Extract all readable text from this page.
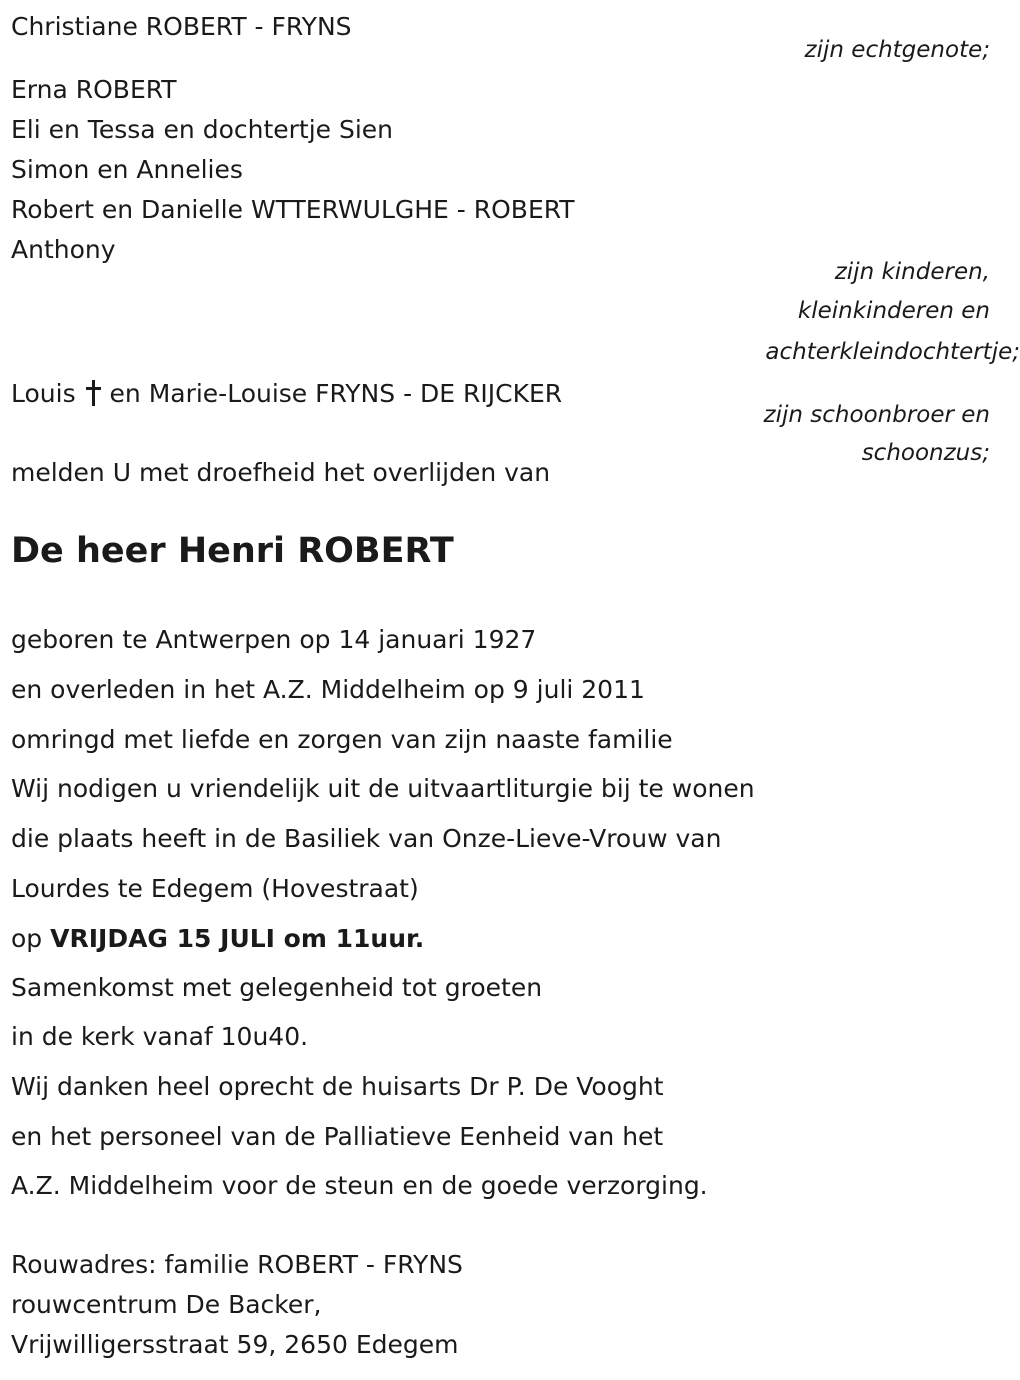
Christiane ROBERT - FRYNS
zijn echtgenote;
Erna ROBERT
Eli en Tessa en dochtertje Sien
Simon en Annelies
Robert en Danielle WTTERWULGHE - ROBERT
Anthony
zijn kinderen,
kleinkinderen en
achterkleindochtertje;
Louis en Marie-Louise FRYNS - DE RIJCKER
zijn schoonbroer en
schoonzus;
melden U met droefheid het overlijden van
De heer Henri ROBERT
geboren te Antwerpen op 14 januari 1927
en overleden in het A.Z. Middelheim op 9 juli 2011
omringd met liefde en zorgen van zijn naaste familie
Wij nodigen u vriendelijk uit de uitvaartliturgie bij te wonen
die plaats heeft in de Basiliek van Onze-Lieve-Vrouw van
Lourdes te Edegem (Hovestraat)
op VRIJDAG 15 JULI om 11uur.
Samenkomst met gelegenheid tot groeten
in de kerk vanaf 10u40.
Wij danken heel oprecht de huisarts Dr P. De Vooght
en het personeel van de Palliatieve Eenheid van het
A.Z. Middelheim voor de steun en de goede verzorging.
Rouwadres: familie ROBERT - FRYNS
rouwcentrum De Backer,
Vrijwilligersstraat 59, 2650 Edegem
